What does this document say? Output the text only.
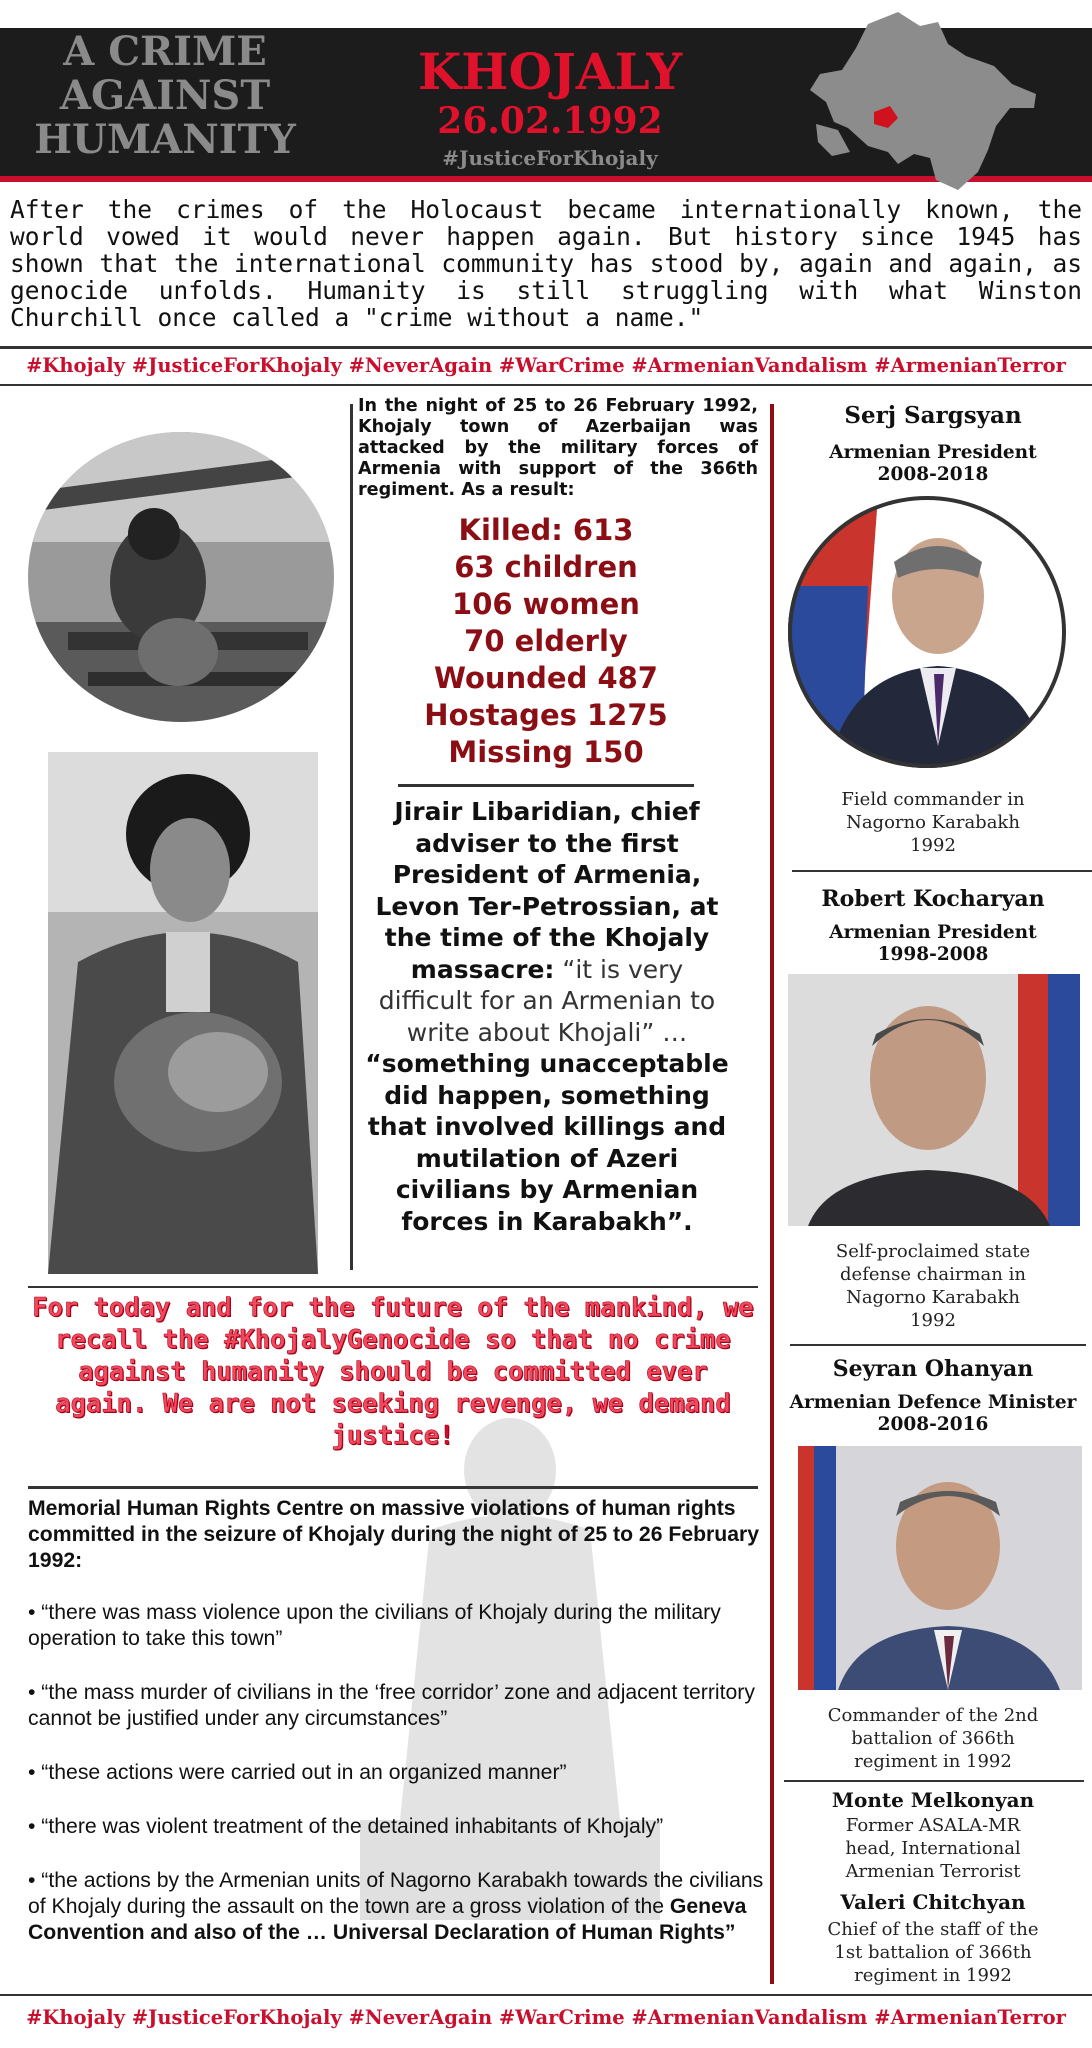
A CRIME
AGAINST
HUMANITY
KHOJALY
26.02.1992
#JusticeForKhojaly
After the crimes of the Holocaust became internationally known, the world vowed it would never happen again. But history since 1945 has shown that the international community has stood by, again and again, as genocide unfolds. Humanity is still struggling with what Winston Churchill once called a "crime without a name."
#Khojaly #JusticeForKhojaly #NeverAgain #WarCrime #ArmenianVandalism #ArmenianTerror
In the night of 25 to 26 February 1992, Khojaly town of Azerbaijan was attacked by the military forces of Armenia with support of the 366th regiment. As a result:
Killed: 613
63 children
106 women
70 elderly
Wounded 487
Hostages 1275
Missing 150
Jirair Libaridian, chief adviser to the first President of Armenia, Levon Ter-Petrossian, at the time of the Khojaly massacre: “it is very difficult for an Armenian to write about Khojali” … “something unacceptable did happen, something that involved killings and mutilation of Azeri civilians by Armenian forces in Karabakh”.
For today and for the future of the mankind, we recall the #KhojalyGenocide so that no crime against humanity should be committed ever again. We are not seeking revenge, we demand justice!
Memorial Human Rights Centre on massive violations of human rights committed in the seizure of Khojaly during the night of 25 to 26 February 1992:

• “there was mass violence upon the civilians of Khojaly during the military operation to take this town”

• “the mass murder of civilians in the ‘free corridor’ zone and adjacent territory cannot be justified under any circumstances”

• “these actions were carried out in an organized manner”

• “there was violent treatment of the detained inhabitants of Khojaly”

• “the actions by the Armenian units of Nagorno Karabakh towards the civilians of Khojaly during the assault on the town are a gross violation of the Geneva Convention and also of the … Universal Declaration of Human Rights”

Serj Sargsyan
Armenian President
2008-2018
Field commander in
Nagorno Karabakh
1992
Robert Kocharyan
Armenian President
1998-2008
Self-proclaimed state
defense chairman in
Nagorno Karabakh
1992
Seyran Ohanyan
Armenian Defence Minister
2008-2016
Commander of the 2nd
battalion of 366th
regiment in 1992
Monte Melkonyan
Former ASALA-MR
head, International
Armenian Terrorist
Valeri Chitchyan
Chief of the staff of the
1st battalion of 366th
regiment in 1992
#Khojaly #JusticeForKhojaly #NeverAgain #WarCrime #ArmenianVandalism #ArmenianTerror
